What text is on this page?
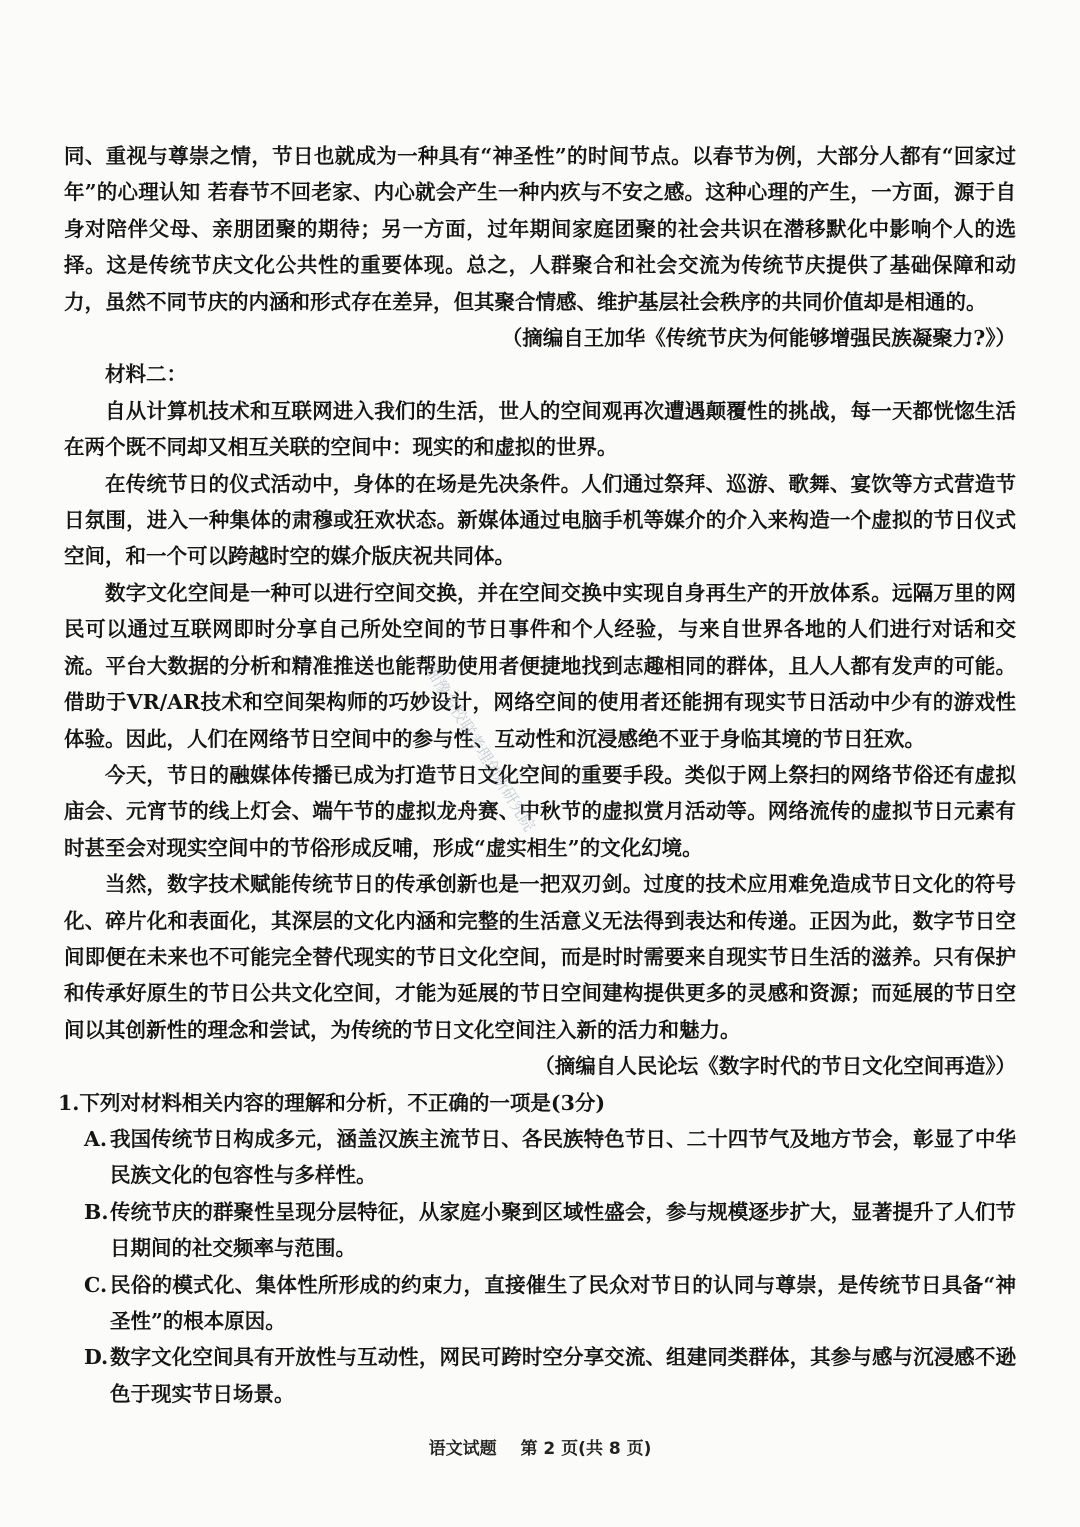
同、重视与尊崇之情，节日也就成为一种具有“神圣性”的时间节点。以春节为例，大部分人都有“回家过年”的心理认知 若春节不回老家、内心就会产生一种内疚与不安之感。这种心理的产生，一方面，源于自身对陪伴父母、亲朋团聚的期待；另一方面，过年期间家庭团聚的社会共识在潜移默化中影响个人的选择。这是传统节庆文化公共性的重要体现。总之，人群聚合和社会交流为传统节庆提供了基础保障和动力，虽然不同节庆的内涵和形式存在差异，但其聚合情感、维护基层社会秩序的共同价值却是相通的。

（摘编自王加华《传统节庆为何能够增强民族凝聚力?》）

材料二：

自从计算机技术和互联网进入我们的生活，世人的空间观再次遭遇颠覆性的挑战，每一天都恍惚生活在两个既不同却又相互关联的空间中：现实的和虚拟的世界。

在传统节日的仪式活动中，身体的在场是先决条件。人们通过祭拜、巡游、歌舞、宴饮等方式营造节日氛围，进入一种集体的肃穆或狂欢状态。新媒体通过电脑手机等媒介的介入来构造一个虚拟的节日仪式空间，和一个可以跨越时空的媒介版庆祝共同体。

数字文化空间是一种可以进行空间交换，并在空间交换中实现自身再生产的开放体系。远隔万里的网民可以通过互联网即时分享自己所处空间的节日事件和个人经验，与来自世界各地的人们进行对话和交流。平台大数据的分析和精准推送也能帮助使用者便捷地找到志趣相同的群体，且人人都有发声的可能。借助于VR/AR技术和空间架构师的巧妙设计，网络空间的使用者还能拥有现实节日活动中少有的游戏性体验。因此，人们在网络节日空间中的参与性、互动性和沉浸感绝不亚于身临其境的节日狂欢。

今天，节日的融媒体传播已成为打造节日文化空间的重要手段。类似于网上祭扫的网络节俗还有虚拟庙会、元宵节的线上灯会、端午节的虚拟龙舟赛、中秋节的虚拟赏月活动等。网络流传的虚拟节日元素有时甚至会对现实空间中的节俗形成反哺，形成“虚实相生”的文化幻境。

当然，数字技术赋能传统节日的传承创新也是一把双刃剑。过度的技术应用难免造成节日文化的符号化、碎片化和表面化，其深层的文化内涵和完整的生活意义无法得到表达和传递。正因为此，数字节日空间即便在未来也不可能完全替代现实的节日文化空间，而是时时需要来自现实节日生活的滋养。只有保护和传承好原生的节日公共文化空间，才能为延展的节日空间建构提供更多的灵感和资源；而延展的节日空间以其创新性的理念和尝试，为传统的节日文化空间注入新的活力和魅力。

（摘编自人民论坛《数字时代的节日文化空间再造》）

1.下列对材料相关内容的理解和分析，不正确的一项是(3分)

A. 我国传统节日构成多元，涵盖汉族主流节日、各民族特色节日、二十四节气及地方节会，彰显了中华民族文化的包容性与多样性。
B. 传统节庆的群聚性呈现分层特征，从家庭小聚到区域性盛会，参与规模逐步扩大，显著提升了人们节日期间的社交频率与范围。
C. 民俗的模式化、集体性所形成的约束力，直接催生了民众对节日的认同与尊崇，是传统节日具备“神圣性”的根本原因。
D. 数字文化空间具有开放性与互动性，网民可跨时空分享交流、组建同类群体，其参与感与沉浸感不逊色于现实节日场景。
湘豫名校联考理创新研究院
语文试题 第 2 页(共 8 页)
